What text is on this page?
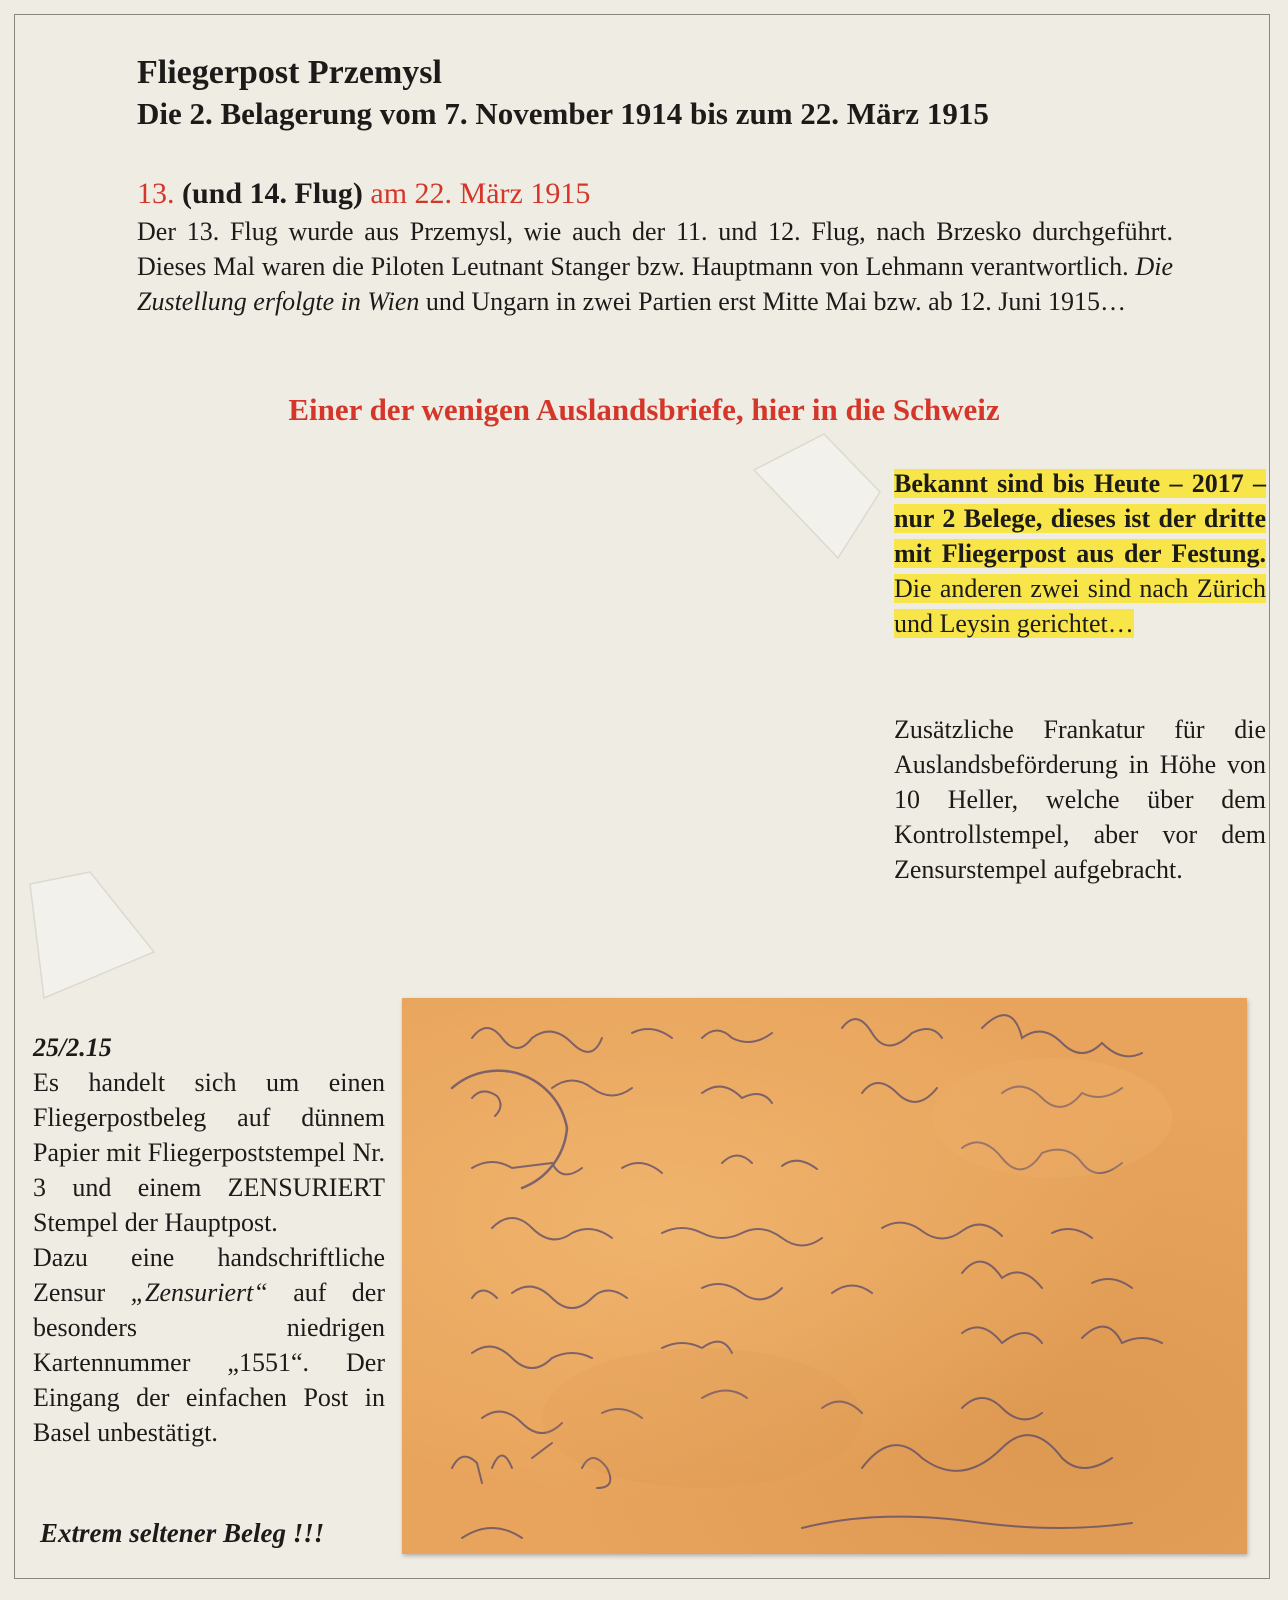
Fliegerpost Przemysl
Die 2. Belagerung vom 7. November 1914 bis zum 22. März 1915

13. (und 14. Flug) am 22. März 1915

Der 13. Flug wurde aus Przemysl, wie auch der 11. und 12. Flug, nach Brzesko durchgeführt. Dieses Mal waren die Piloten Leutnant Stanger bzw. Hauptmann von Lehmann verantwortlich. Die Zustellung erfolgte in Wien und Ungarn in zwei Partien erst Mitte Mai bzw. ab 12. Juni 1915…

Einer der wenigen Auslandsbriefe, hier in die Schweiz

Bekannt sind bis Heute – 2017 – nur 2 Belege, dieses ist der dritte mit Fliegerpost aus der Festung. Die anderen zwei sind nach Zürich und Leysin gerichtet…

Zusätzliche Frankatur für die Auslandsbeförderung in Höhe von 10 Heller, welche über dem Kontrollstempel, aber vor dem Zensurstempel aufgebracht.

25/2.15

Es handelt sich um einen Fliegerpostbeleg auf dünnem Papier mit Fliegerpoststempel Nr. 3 und einem ZENSURIERT Stempel der Hauptpost.

Dazu eine handschriftliche Zensur „Zensuriert“ auf der besonders niedrigen Kartennummer „1551“. Der Eingang der einfachen Post in Basel unbestätigt.

Extrem seltener Beleg !!!
